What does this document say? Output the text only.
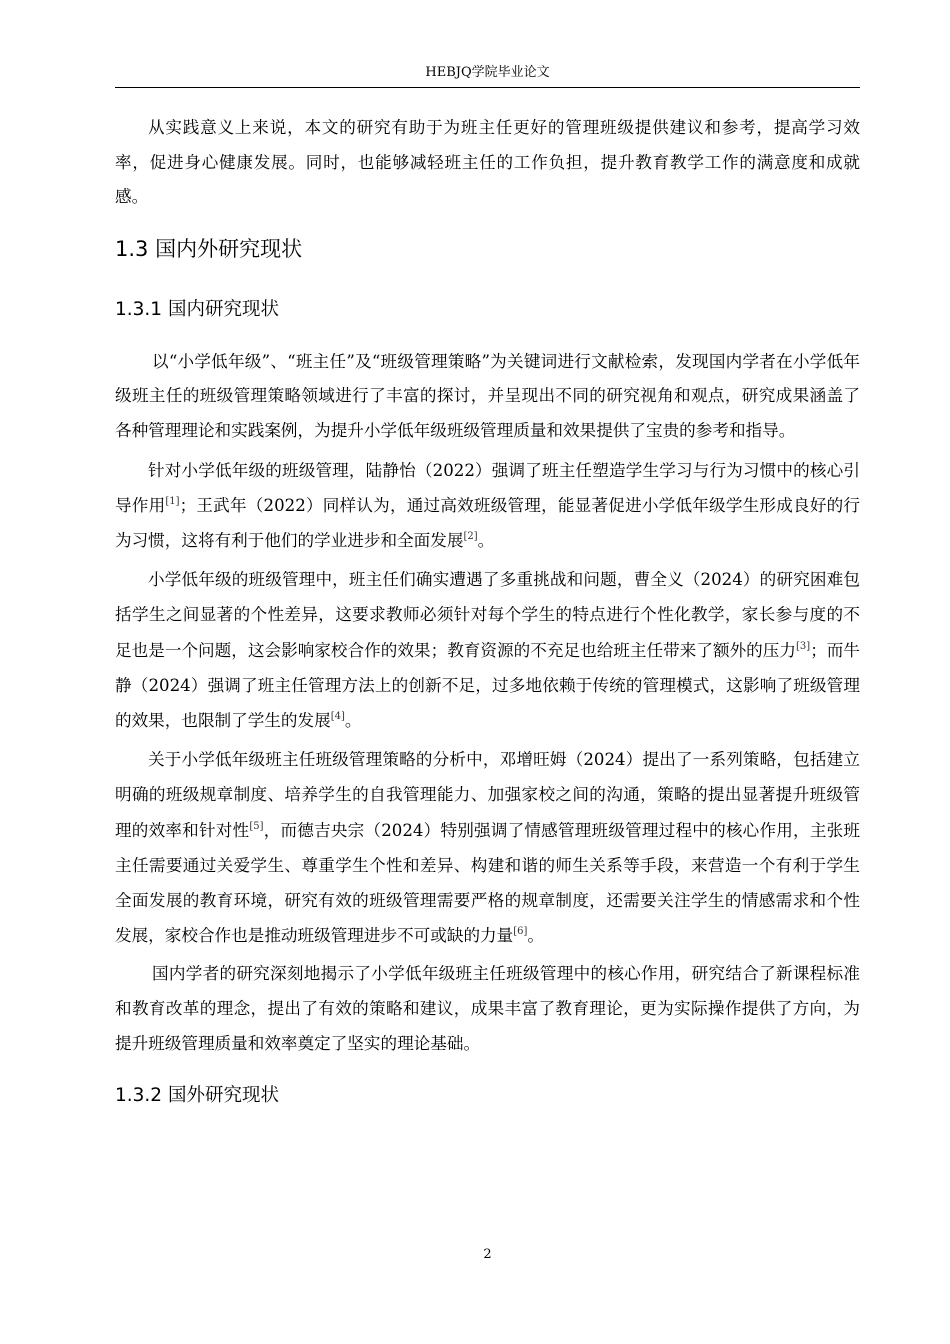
HEBJQ学院毕业论文

从实践意义上来说，本文的研究有助于为班主任更好的管理班级提供建议和参考，提高学习效率，促进身心健康发展。同时，也能够减轻班主任的工作负担，提升教育教学工作的满意度和成就感。

1.3 国内外研究现状
1.3.1 国内研究现状

以“小学低年级”、“班主任”及“班级管理策略”为关键词进行文献检索，发现国内学者在小学低年级班主任的班级管理策略领域进行了丰富的探讨，并呈现出不同的研究视角和观点，研究成果涵盖了各种管理理论和实践案例，为提升小学低年级班级管理质量和效果提供了宝贵的参考和指导。

针对小学低年级的班级管理，陆静怡（2022）强调了班主任塑造学生学习与行为习惯中的核心引导作用[1]；王武年（2022）同样认为，通过高效班级管理，能显著促进小学低年级学生形成良好的行为习惯，这将有利于他们的学业进步和全面发展[2]。

小学低年级的班级管理中，班主任们确实遭遇了多重挑战和问题，曹全义（2024）的研究困难包括学生之间显著的个性差异，这要求教师必须针对每个学生的特点进行个性化教学，家长参与度的不足也是一个问题，这会影响家校合作的效果；教育资源的不充足也给班主任带来了额外的压力[3]；而牛静（2024）强调了班主任管理方法上的创新不足，过多地依赖于传统的管理模式，这影响了班级管理的效果，也限制了学生的发展[4]。

关于小学低年级班主任班级管理策略的分析中，邓增旺姆（2024）提出了一系列策略，包括建立明确的班级规章制度、培养学生的自我管理能力、加强家校之间的沟通，策略的提出显著提升班级管理的效率和针对性[5]，而德吉央宗（2024）特别强调了情感管理班级管理过程中的核心作用，主张班主任需要通过关爱学生、尊重学生个性和差异、构建和谐的师生关系等手段，来营造一个有利于学生全面发展的教育环境，研究有效的班级管理需要严格的规章制度，还需要关注学生的情感需求和个性发展，家校合作也是推动班级管理进步不可或缺的力量[6]。

国内学者的研究深刻地揭示了小学低年级班主任班级管理中的核心作用，研究结合了新课程标准和教育改革的理念，提出了有效的策略和建议，成果丰富了教育理论，更为实际操作提供了方向，为提升班级管理质量和效率奠定了坚实的理论基础。

1.3.2 国外研究现状
2
